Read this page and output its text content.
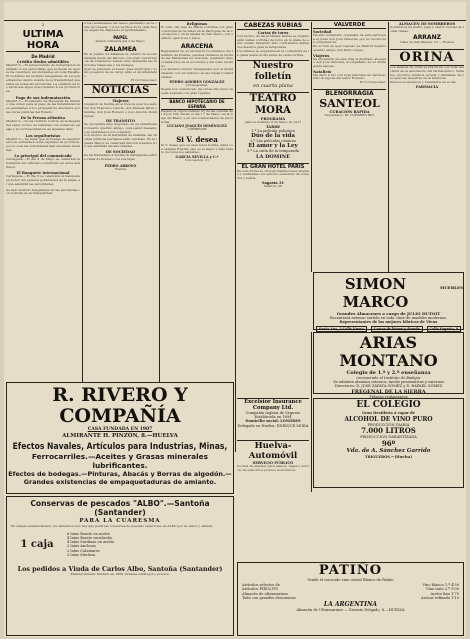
2
ULTIMA HORA
De Madrid
Crédito titulos admitibles
Madrid 5.—El subsecretario de Gobernación manifestó á los periodistas que la fiesta de ayer se ha celebrado sin incidentes en toda España. El Gobierno ha recibido telegramas de los gobernadores dando cuenta de la tranquilidad que reina en todas las provincias. La cuestión de los alcoholes sigue preocupando á los productores.
Pago de sus indemnización
Madrid 5.—El ministro de Hacienda ha firmado una orden para el pago de las indemnizaciones pendientes á los propietarios afectados por las obras públicas del Estado.
De la Prensa atlántica
Madrid 5.—Se ha recibido noticia de la llegada del vapor correo de Canarias con numeroso pasaje y la correspondencia de aquellas islas.
Los sepulturistas
Madrid 5.—Se teme que la huelga de sepultureros se extienda á otras capitales de provincia, por lo cual las autoridades han adoptado medidas.
Lo principal del comunicado
Cartagena.—El día 8 de Mayo se celebrará la botadura del cañonero construido en estos astilleros.
El Banquete internacional
Cartagena.—El día 6 se celebrará el banquete en honor del general gobernador de la plaza, al que asistirán las autoridades.
Se han recibido telegramas de las provincias con noticias de la tranquilidad.
á los reclamantes del nuevo pavimento en la calle de Cepeda, y á los vecinos de la calle Nueva, según ha dispuesto el Ayuntamiento.
PAPEL
Sesión ordinaria del 2 de Mayo.
ZALAMEA
En el pueblo de Zalamea se celebró la acostumbrada fiesta del Patrono con gran concurrencia de forasteros, siendo muy animadas las funciones religiosas y los festejos.
Ayer se presentó el nuevo Juez municipal y tomó posesión de su cargo ante el Ayuntamiento.
El Corresponsal.
NOTICIAS
Viajeros
Llegaron de Sevilla en el tren de ayer los señores don Francisco García, don Manuel Pérez y familia, don José Romero y don Antonio Domínguez.
DE TRÁNSITO
Se encuentra muy mejorado de su enfermedad nuestro querido amigo, cuya salud deseamos se restablezca por completo.
Con motivo de la festividad de mañana, las oficinas públicas permanecerán cerradas. En la iglesia Mayor se celebrará función solemne á la que asistirán las autoridades.
DE SOCIEDAD
Se ha trasladado á Sevilla la distinguida señora viuda de Romero con sus hijas.
PEDRO ARROYO
Huelva
Religiosas
El culto del mes de María continúa con gran concurrencia de fieles en la Parroquia de la Concepción y en la iglesia de San Pedro, con sermón, ejercicios y salve.
ARACENA
Regresaron de su excursión los alumnos del Instituto de Huelva, quienes visitaron la Gruta de las Maravillas de Aracena, quedando muy complacidos de la excursión y del trato recibido.
Los alumnos fueron obsequiados por el Ayuntamiento con un refresco en las Casas Consistoriales.
PEDRO AMORES GONZÁLEZ
Corresponsal.
Según nos comunican, las obras del nuevo muelle avanzan con gran rapidez.
BANCO HIPOTECARIO DE ESPAÑA
Pagado el cupón número 41 de las cédulas del 4 por 100, desde el día 1.º de Mayo, en la Caja del Banco y en sus comisionados de provincias.
LUCIANO JOAQUÍN DOMÍNGUEZ
CORREDOR
Si V. desea
Si V. desea que su casa luzca bonita, pinte con esmalte Ripolin, que es el mejor y más barato de todos los esmaltes.
GARCIA SEVILLA y C.ª
Concepción, 21
CABEZAS RUBIAS
Cartas de toros
Con motivo de las próximas fiestas se organizarán varias corridas de toros en la plaza de esta ciudad, habiendo sido contratados afamados diestros para la temporada.
Los billetes se expenden en la contaduría de la plaza desde el día antes de cada corrida.
Nuestro folletín
en cuarta plana
TEATRO MORA
PROGRAMA
para el domingo 6 de Mayo de 1917
TARDE
1.º La película policíaca
Dúo de la vida
2.º Las películas cómicas
El amor y la Ley
3.º La cinta de la temporada
LA DOMINÉ
EL GRAN HOTEL PARIS
En este Hotel se ofrecen habitaciones amplias y ventiladas con servicio esmerado de comedor y baños.
Sagasta 31
Teléfono 30
VALVERDE
Sociedad
Ha sido nombrado organista de esta parroquia el joven don José Valverde, por su reconocida competencia.
En el tren de ayer regresó de Madrid nuestro querido amigo don Pedro López.
Viajeros
Se encuentra en esta villa el ilustrado abogado don José Sánchez, acompañado de su distinguida esposa.
Natalicio
Ha dado á luz con toda felicidad un hermoso niño la esposa del señor Romero.
El Corresponsal.
BLENORRAGIA
SANTEOL
CURACIÓN RÁPIDA
Depositario: Dr. CORDERO BEL
ALMACÉN DE SOMBREROS
Sombreros de fieltro, paja y castor. Gorras de todas clases.
ARRANZ
Calle de San Miguel, 12 — Huelva
ORINA
Los análisis de orina se practican con toda exactitud en el laboratorio del farmacéutico. Sulfatos, cloruros, fosfatos, azúcar y albúmina. Se recogen las muestras en la farmacia.
Precios económicos y resultados en el día.
FARMACIA
SIMON MARCO
MUEBLES
Grandes Almacenes a cargo de JULIO DUTOIT
Encontrará extenso surtido en toda clase de muebles modernos.
Representantes de las mejores fábricas de Viena
Santa Ana, 3 Calle Nueva	Camas de hierro y dorado	Calle Sagasta, 9
ARIAS MONTANO
Colegio de 1.ª y 2.ª enseñanza
incorporado al Instituto de Badajoz
Se admiten alumnos internos, medio pensionistas y externos
Directores: D. JOSÉ ZAPATA GÓMEZ y D. RAFAEL GÓMEZ
FREGENAL DE LA SIERRA
Pídanse reglamentos
R. RIVERO Y COMPAÑÍA
CASA FUNDADA EN 1907
ALMIRANTE H. PINZÓN, 8.—HUELVA
Efectos Navales, Artículos para Industrias, Minas,
Ferrocarriles.—Aceites y Grasas minerales lubrificantes.
Efectos de bodegas.—Pinturas, Abacás y Borras de algodón.—Grandes existencias de empaquetaduras de amianto.
Conservas de pescados "ALBO".—Santoña (Santander)
PARA LA CUARESMA
En simple establecimiento de alimentos sólo hay que pedir las conservas de pescado superiores de ALBO por su sabor y calidad.
1 caja
6 latas Bonito en aceite
4 latas Bonito escabeche
4 latas Sardinas en aceite
2 latas Anchoas
2 latas Calamares
2 latas Merluza
Los pedidos a Viuda de Carlos Albo, Santoña (Santander)
Establecimiento fundado en 1869. Pídanse catálogos y precios.
Excelsior Insurance Company Ltd.
Compañía Inglesa de Seguros
Establecida en 1894
Domicilio social: LONDRES
Delegado en Huelva: ENRIQUE MORA
Huelva-Automóvil
SERVICIO PÚBLICO
Coches de alquiler para paseos, viajes y servicio de estación a precios económicos.
EL COLEGIO
Gran Destilería á vapor de
ALCOHOL DE VINO PURO
PRODUCCIÓN DIARIA
7.000 LITROS
PRODUCCIÓN GARANTIZADA
96º
Vda. de A. Sánchez Garrido
TRIGUEROS.—(Huelva)
PATIÑO
Vende el conocido vino cristal Blanco de Patiño
Artículos selectos de
Artículos PIRULITO
Almacén de ultramarinos
Todo con grandes descuentos
Vino blanco 1.ª 4'50
Vino tinto 2.ª 3'00
Aceite fino 1'75
Azúcar refinado 1'10
LA ARGENTINA
Almacén de Ultramarinos — Ernesto Delgado, 8.—HUELVA
